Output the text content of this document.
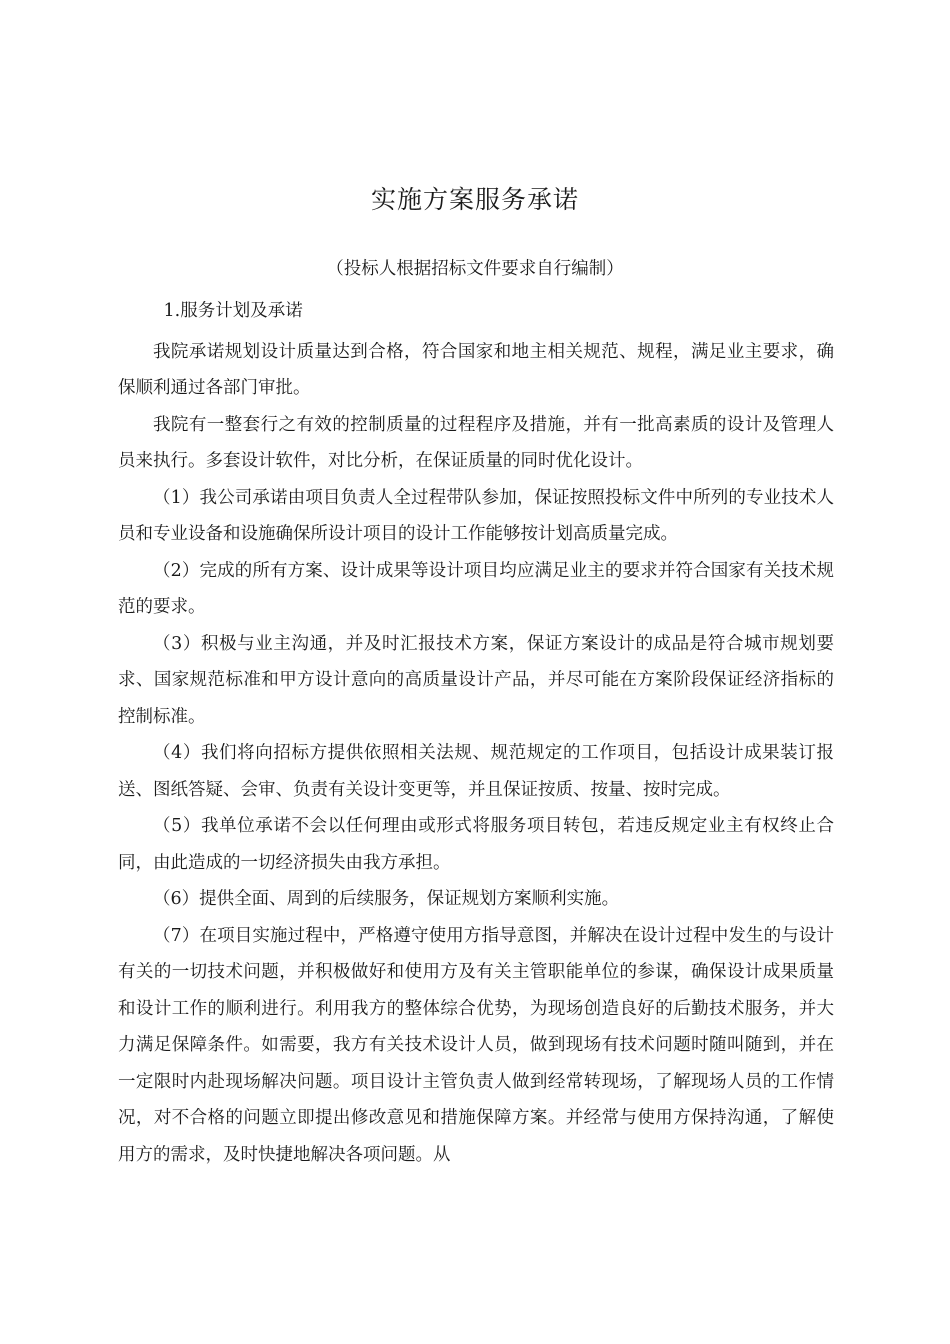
实施方案服务承诺
（投标人根据招标文件要求自行编制）

1.服务计划及承诺

我院承诺规划设计质量达到合格，符合国家和地主相关规范、规程，满足业主要求，确保顺利通过各部门审批。

我院有一整套行之有效的控制质量的过程程序及措施，并有一批高素质的设计及管理人员来执行。多套设计软件，对比分析，在保证质量的同时优化设计。

（1）我公司承诺由项目负责人全过程带队参加，保证按照投标文件中所列的专业技术人员和专业设备和设施确保所设计项目的设计工作能够按计划高质量完成。

（2）完成的所有方案、设计成果等设计项目均应满足业主的要求并符合国家有关技术规范的要求。

（3）积极与业主沟通，并及时汇报技术方案，保证方案设计的成品是符合城市规划要求、国家规范标准和甲方设计意向的高质量设计产品，并尽可能在方案阶段保证经济指标的控制标准。

（4）我们将向招标方提供依照相关法规、规范规定的工作项目，包括设计成果装订报送、图纸答疑、会审、负责有关设计变更等，并且保证按质、按量、按时完成。

（5）我单位承诺不会以任何理由或形式将服务项目转包，若违反规定业主有权终止合同，由此造成的一切经济损失由我方承担。

（6）提供全面、周到的后续服务，保证规划方案顺利实施。

（7）在项目实施过程中，严格遵守使用方指导意图，并解决在设计过程中发生的与设计有关的一切技术问题，并积极做好和使用方及有关主管职能单位的参谋，确保设计成果质量和设计工作的顺利进行。利用我方的整体综合优势，为现场创造良好的后勤技术服务，并大力满足保障条件。如需要，我方有关技术设计人员，做到现场有技术问题时随叫随到，并在一定限时内赴现场解决问题。项目设计主管负责人做到经常转现场，了解现场人员的工作情况，对不合格的问题立即提出修改意见和措施保障方案。并经常与使用方保持沟通，了解使用方的需求，及时快捷地解决各项问题。从
